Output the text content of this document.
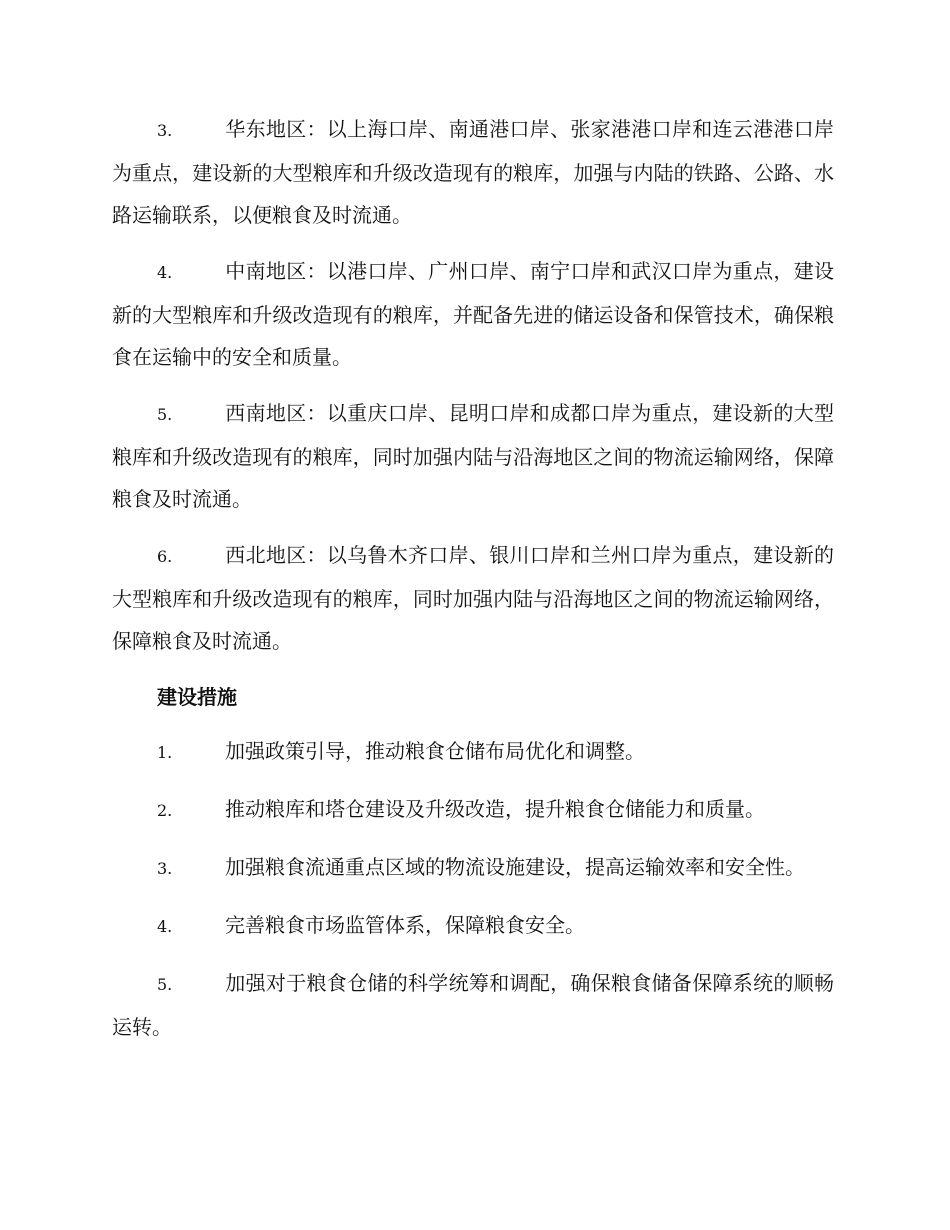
3.	华东地区：以上海口岸、南通港口岸、张家港港口岸和连云港港口岸为重点，建设新的大型粮库和升级改造现有的粮库，加强与内陆的铁路、公路、水路运输联系，以便粮食及时流通。

4.	中南地区：以港口岸、广州口岸、南宁口岸和武汉口岸为重点，建设新的大型粮库和升级改造现有的粮库，并配备先进的储运设备和保管技术，确保粮食在运输中的安全和质量。

5.	西南地区：以重庆口岸、昆明口岸和成都口岸为重点，建设新的大型粮库和升级改造现有的粮库，同时加强内陆与沿海地区之间的物流运输网络，保障粮食及时流通。

6.	西北地区：以乌鲁木齐口岸、银川口岸和兰州口岸为重点，建设新的大型粮库和升级改造现有的粮库，同时加强内陆与沿海地区之间的物流运输网络，保障粮食及时流通。

建设措施

1.	加强政策引导，推动粮食仓储布局优化和调整。

2.	推动粮库和塔仓建设及升级改造，提升粮食仓储能力和质量。

3.	加强粮食流通重点区域的物流设施建设，提高运输效率和安全性。

4.	完善粮食市场监管体系，保障粮食安全。

5.	加强对于粮食仓储的科学统筹和调配，确保粮食储备保障系统的顺畅运转。
